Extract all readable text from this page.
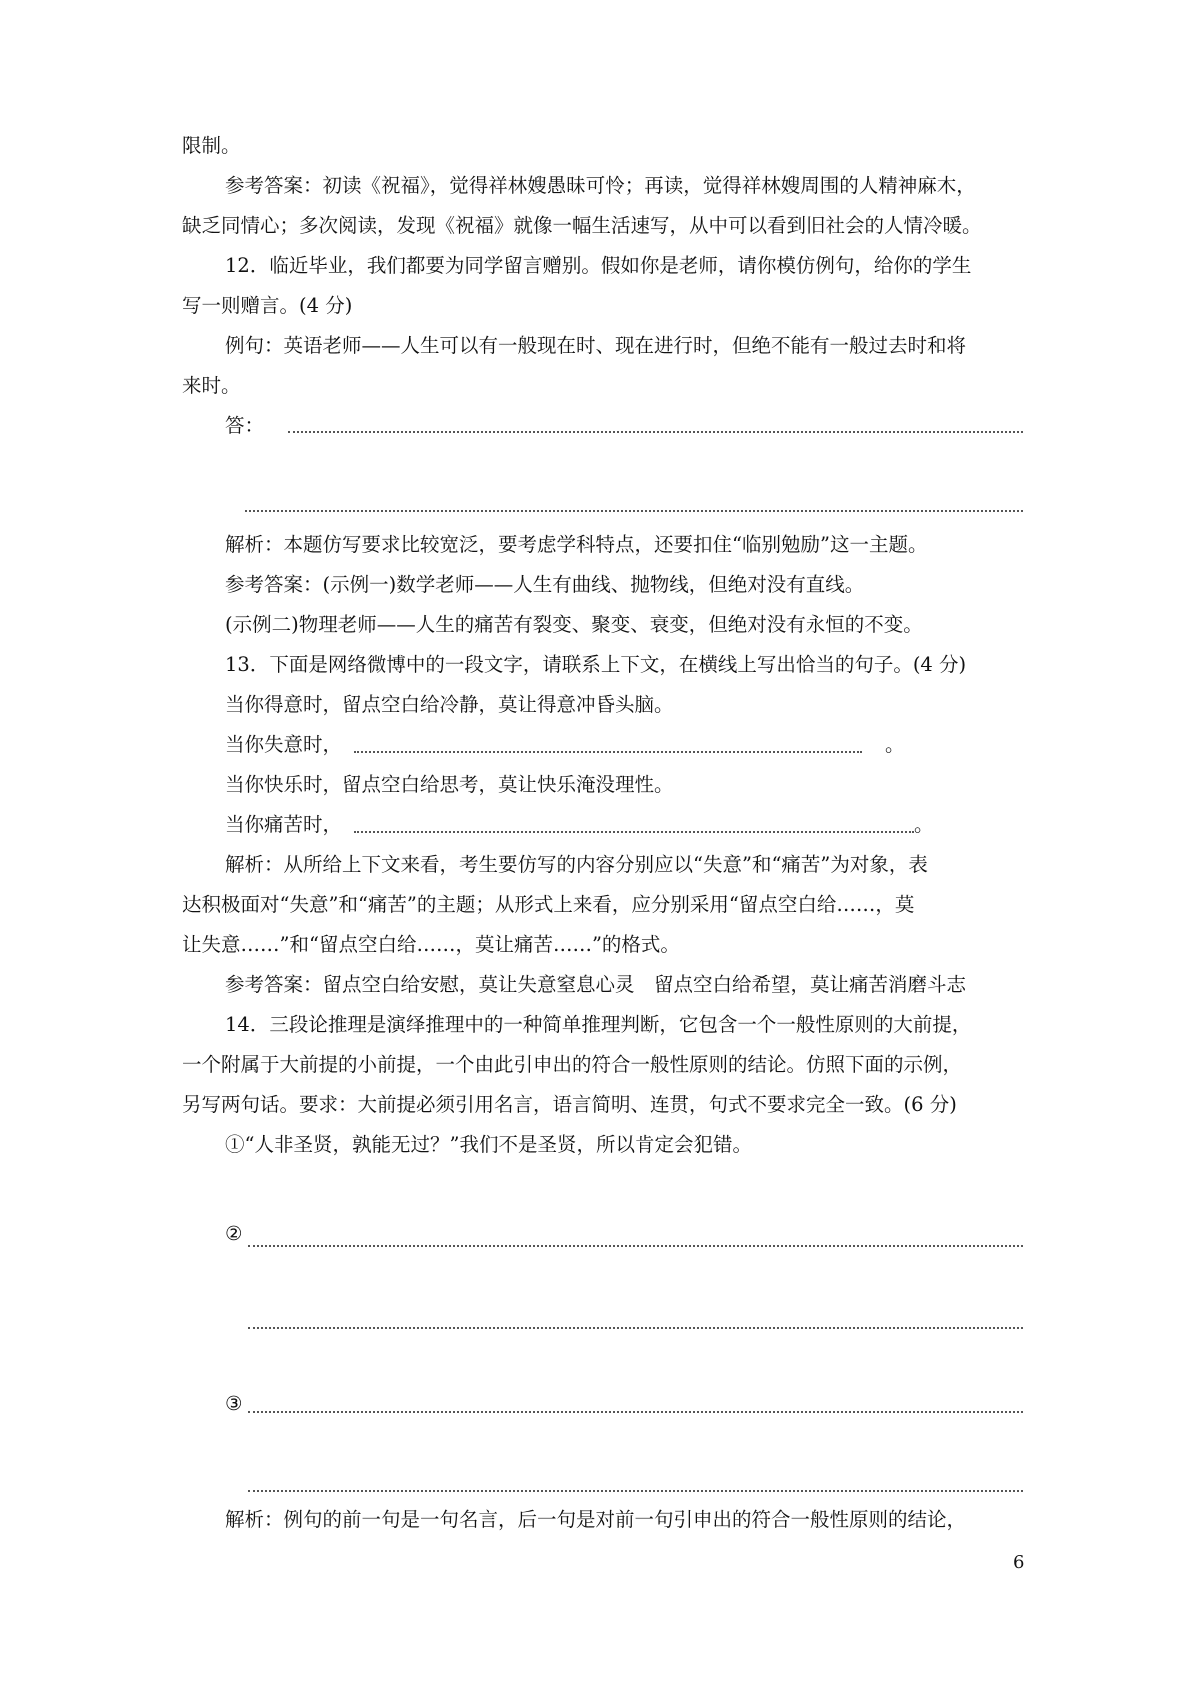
限制。
参考答案：初读《祝福》，觉得祥林嫂愚昧可怜；再读，觉得祥林嫂周围的人精神麻木，
缺乏同情心；多次阅读，发现《祝福》就像一幅生活速写，从中可以看到旧社会的人情冷暖。
12．临近毕业，我们都要为同学留言赠别。假如你是老师，请你模仿例句，给你的学生
写一则赠言。(4 分)
例句：英语老师——人生可以有一般现在时、现在进行时，但绝不能有一般过去时和将
来时。
答：
解析：本题仿写要求比较宽泛，要考虑学科特点，还要扣住“临别勉励”这一主题。
参考答案：(示例一)数学老师——人生有曲线、抛物线，但绝对没有直线。
(示例二)物理老师——人生的痛苦有裂变、聚变、衰变，但绝对没有永恒的不变。
13．下面是网络微博中的一段文字，请联系上下文，在横线上写出恰当的句子。(4 分)
当你得意时，留点空白给冷静，莫让得意冲昏头脑。
当你失意时，	。
当你快乐时，留点空白给思考，莫让快乐淹没理性。
当你痛苦时，	。
解析：从所给上下文来看，考生要仿写的内容分别应以“失意”和“痛苦”为对象，表
达积极面对“失意”和“痛苦”的主题；从形式上来看，应分别采用“留点空白给……，莫
让失意……”和“留点空白给……，莫让痛苦……”的格式。
参考答案：留点空白给安慰，莫让失意窒息心灵　留点空白给希望，莫让痛苦消磨斗志
14．三段论推理是演绎推理中的一种简单推理判断，它包含一个一般性原则的大前提，
一个附属于大前提的小前提，一个由此引申出的符合一般性原则的结论。仿照下面的示例，
另写两句话。要求：大前提必须引用名言，语言简明、连贯，句式不要求完全一致。(6 分)
①“人非圣贤，孰能无过？”我们不是圣贤，所以肯定会犯错。
②
③
解析：例句的前一句是一句名言，后一句是对前一句引申出的符合一般性原则的结论，
6
